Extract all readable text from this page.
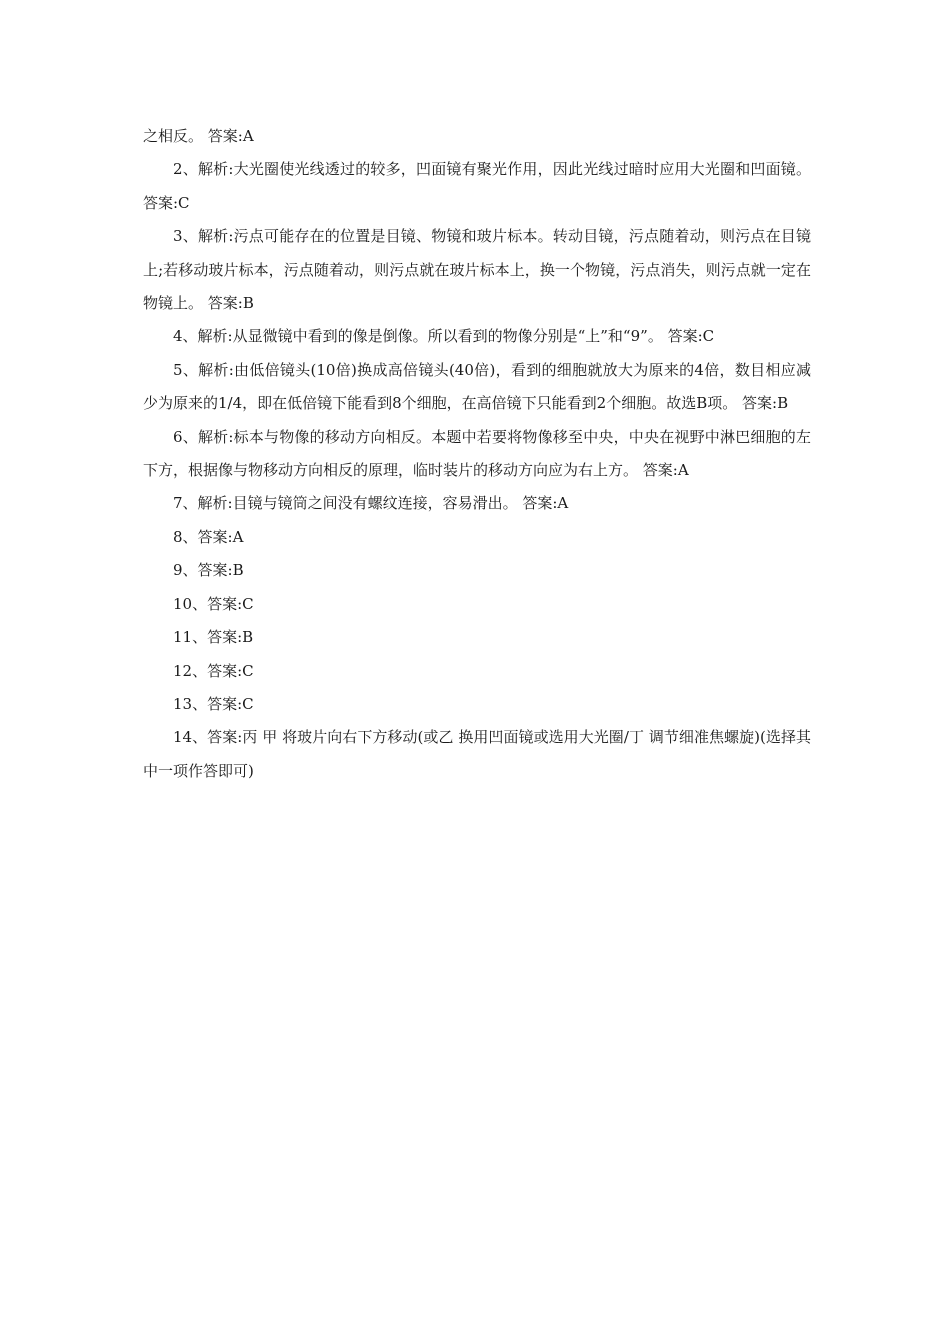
之相反。 答案:A

2、解析:大光圈使光线透过的较多，凹面镜有聚光作用，因此光线过暗时应用大光圈和凹面镜。 答案:C

3、解析:污点可能存在的位置是目镜、物镜和玻片标本。转动目镜，污点随着动，则污点在目镜上;若移动玻片标本，污点随着动，则污点就在玻片标本上，换一个物镜，污点消失，则污点就一定在物镜上。 答案:B

4、解析:从显微镜中看到的像是倒像。所以看到的物像分别是“上”和“9”。 答案:C

5、解析:由低倍镜头(10倍)换成高倍镜头(40倍)，看到的细胞就放大为原来的4倍，数目相应减少为原来的1/4，即在低倍镜下能看到8个细胞，在高倍镜下只能看到2个细胞。故选B项。 答案:B

6、解析:标本与物像的移动方向相反。本题中若要将物像移至中央，中央在视野中淋巴细胞的左下方，根据像与物移动方向相反的原理，临时装片的移动方向应为右上方。 答案:A

7、解析:目镜与镜筒之间没有螺纹连接，容易滑出。 答案:A

8、答案:A

9、答案:B

10、答案:C

11、答案:B

12、答案:C

13、答案:C

14、答案:丙 甲 将玻片向右下方移动(或乙 换用凹面镜或选用大光圈/丁 调节细准焦螺旋)(选择其中一项作答即可)
